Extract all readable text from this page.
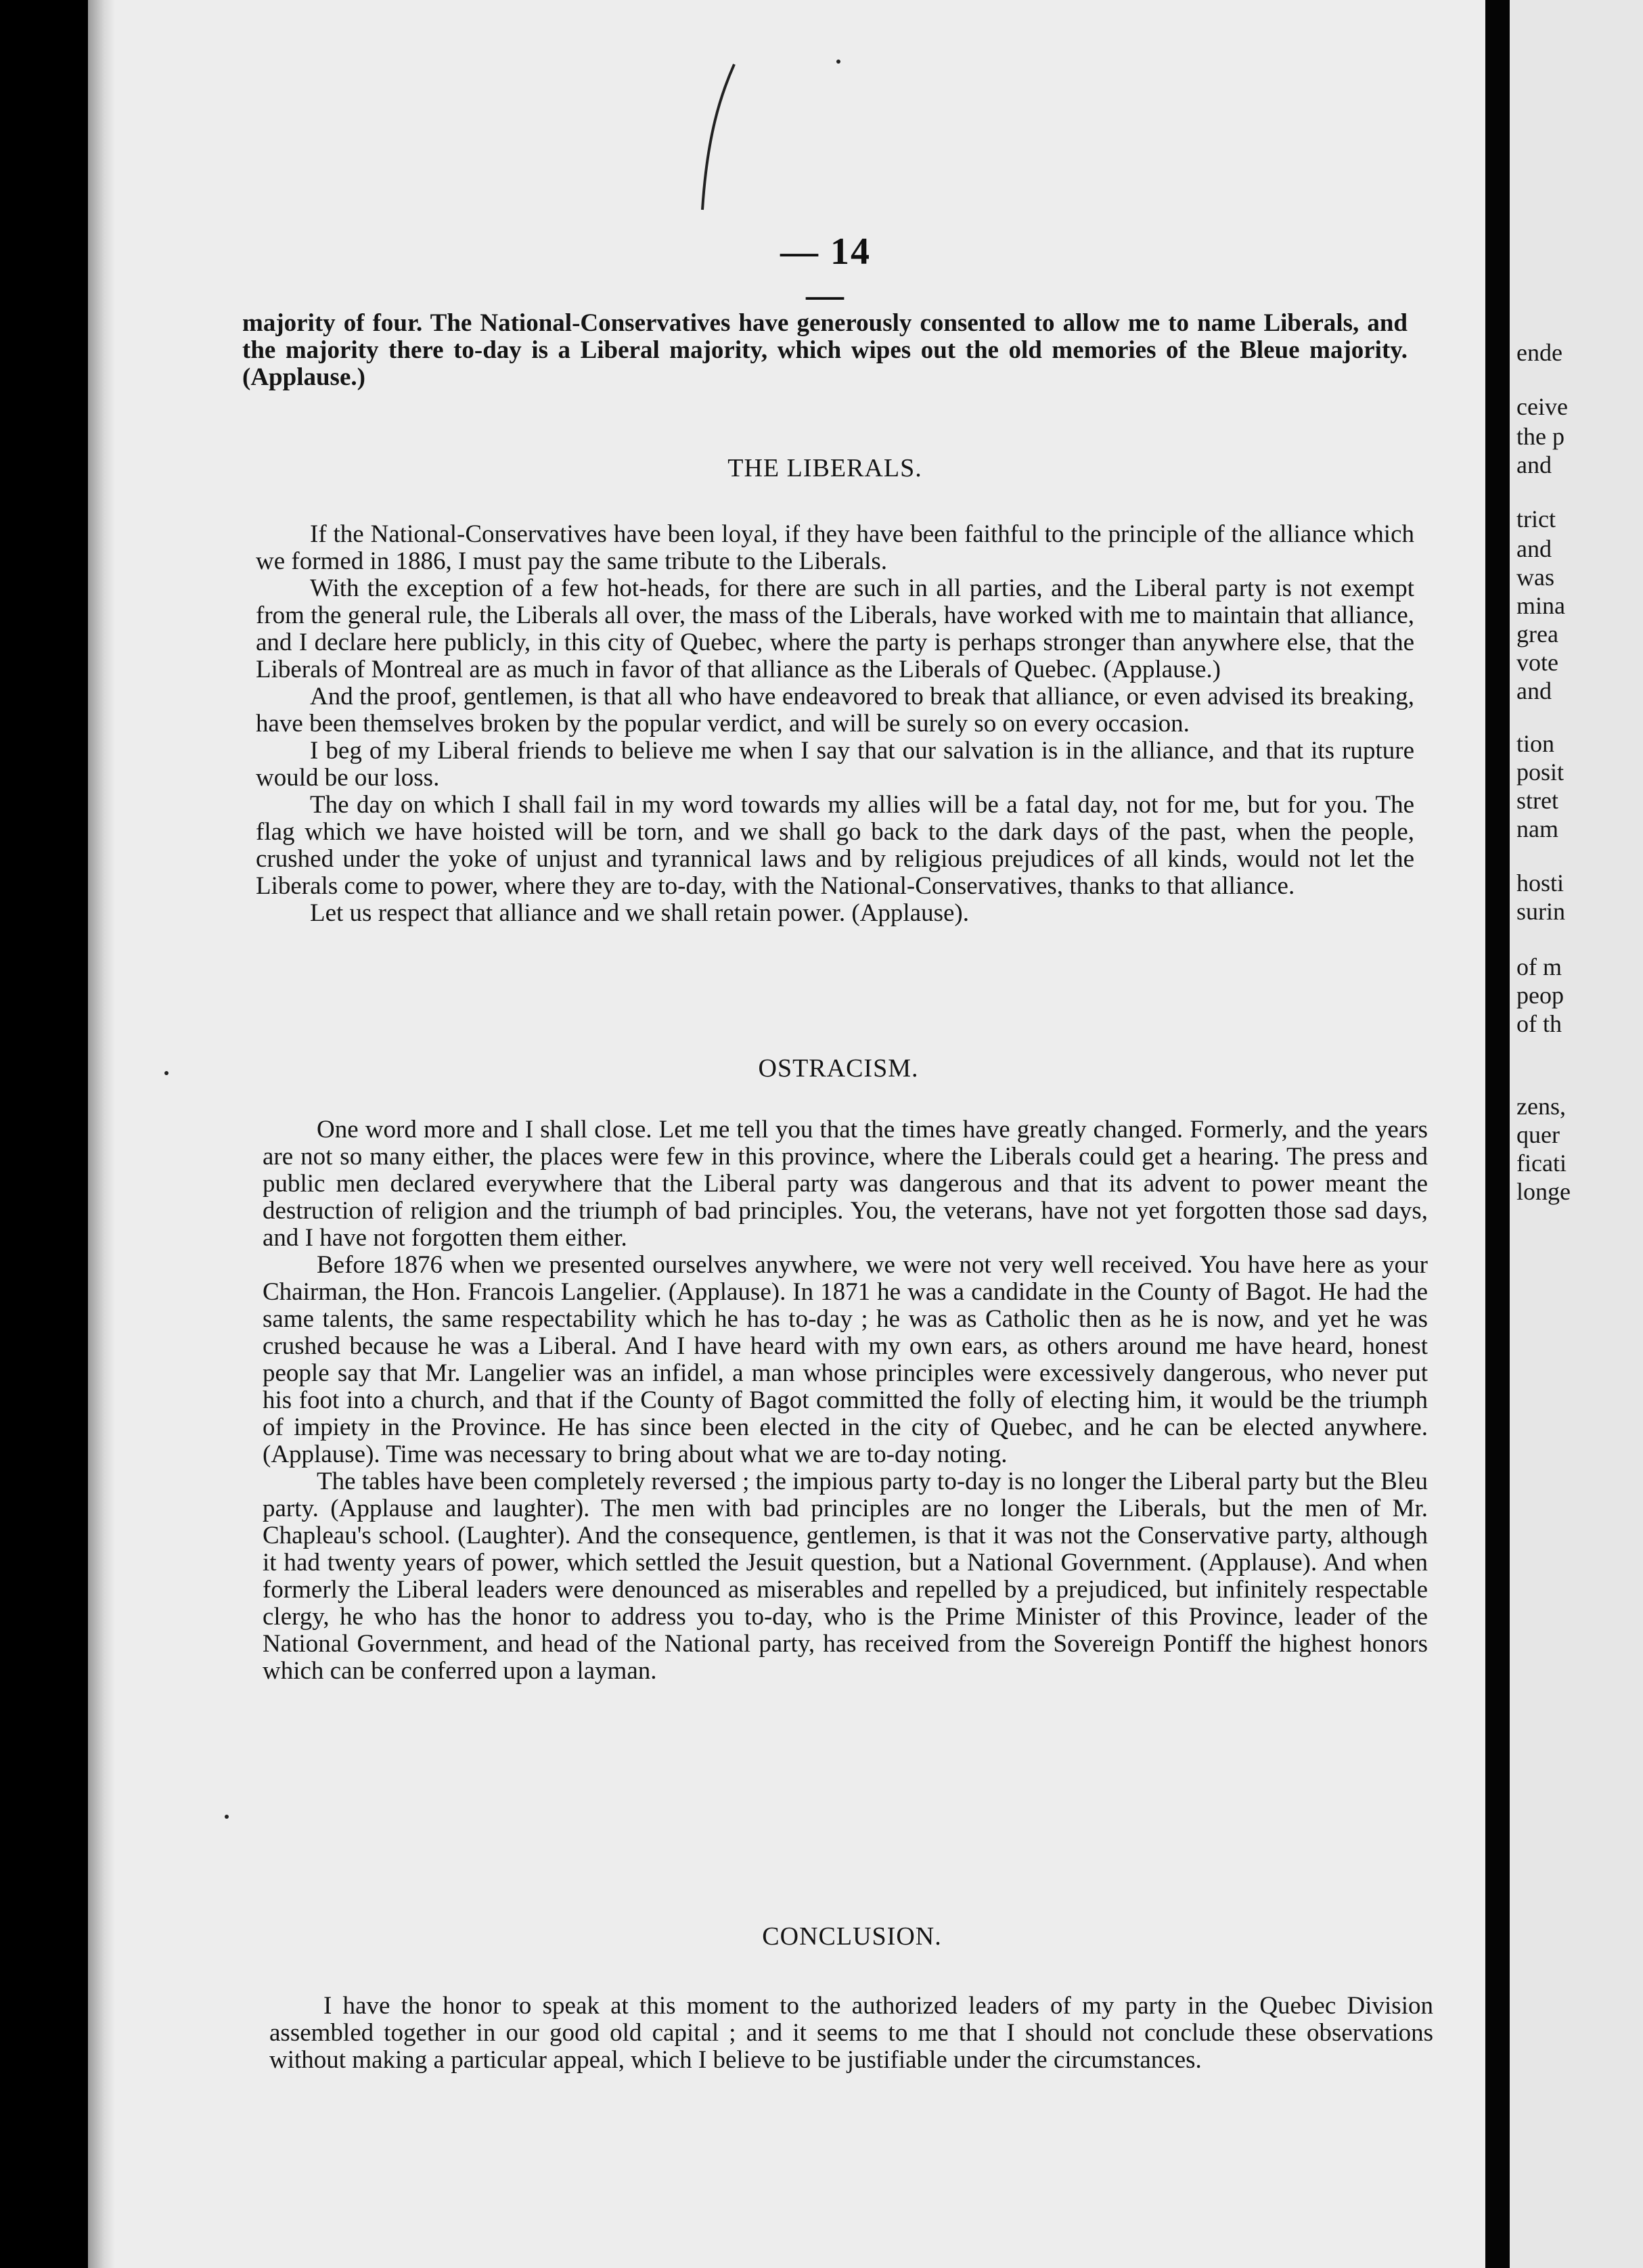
— 14 —

majority of four. The National-Conservatives have generously consented to allow me to name Liberals, and the majority there to-day is a Liberal majority, which wipes out the old memories of the Bleue majority. (Applause.)

THE LIBERALS.

If the National-Conservatives have been loyal, if they have been faithful to the principle of the alliance which we formed in 1886, I must pay the same tribute to the Liberals.

With the exception of a few hot-heads, for there are such in all parties, and the Liberal party is not exempt from the general rule, the Liberals all over, the mass of the Liberals, have worked with me to maintain that alliance, and I declare here publicly, in this city of Quebec, where the party is perhaps stronger than anywhere else, that the Liberals of Montreal are as much in favor of that alliance as the Liberals of Quebec. (Applause.)

And the proof, gentlemen, is that all who have endeavored to break that alliance, or even advised its breaking, have been themselves broken by the popular verdict, and will be surely so on every occasion.

I beg of my Liberal friends to believe me when I say that our salvation is in the alliance, and that its rupture would be our loss.

The day on which I shall fail in my word towards my allies will be a fatal day, not for me, but for you. The flag which we have hoisted will be torn, and we shall go back to the dark days of the past, when the people, crushed under the yoke of unjust and tyrannical laws and by religious prejudices of all kinds, would not let the Liberals come to power, where they are to-day, with the National-Conservatives, thanks to that alliance.

Let us respect that alliance and we shall retain power. (Applause).

OSTRACISM.

One word more and I shall close. Let me tell you that the times have greatly changed. Formerly, and the years are not so many either, the places were few in this province, where the Liberals could get a hearing. The press and public men declared everywhere that the Liberal party was dangerous and that its advent to power meant the destruction of religion and the triumph of bad principles. You, the veterans, have not yet forgotten those sad days, and I have not forgotten them either.

Before 1876 when we presented ourselves anywhere, we were not very well received. You have here as your Chairman, the Hon. Francois Langelier. (Applause). In 1871 he was a candidate in the County of Bagot. He had the same talents, the same respectability which he has to-day ; he was as Catholic then as he is now, and yet he was crushed because he was a Liberal. And I have heard with my own ears, as others around me have heard, honest people say that Mr. Langelier was an infidel, a man whose principles were excessively dangerous, who never put his foot into a church, and that if the County of Bagot committed the folly of electing him, it would be the triumph of impiety in the Province. He has since been elected in the city of Quebec, and he can be elected anywhere. (Applause). Time was necessary to bring about what we are to-day noting.

The tables have been completely reversed ; the impious party to-day is no longer the Liberal party but the Bleu party. (Applause and laughter). The men with bad principles are no longer the Liberals, but the men of Mr. Chapleau's school. (Laughter). And the consequence, gentlemen, is that it was not the Conservative party, although it had twenty years of power, which settled the Jesuit question, but a National Government. (Applause). And when formerly the Liberal leaders were denounced as miserables and repelled by a prejudiced, but infinitely respectable clergy, he who has the honor to address you to-day, who is the Prime Minister of this Province, leader of the National Government, and head of the National party, has received from the Sovereign Pontiff the highest honors which can be conferred upon a layman.

CONCLUSION.

I have the honor to speak at this moment to the authorized leaders of my party in the Quebec Division assembled together in our good old capital ; and it seems to me that I should not conclude these observations without making a particular appeal, which I believe to be justifiable under the circumstances.

ende
ceive
the p
and
trict
and
was
mina
grea
vote
and
tion
posit
stret
nam
hosti
surin
of m
peop
of th
zens,
quer
ficati
longe
